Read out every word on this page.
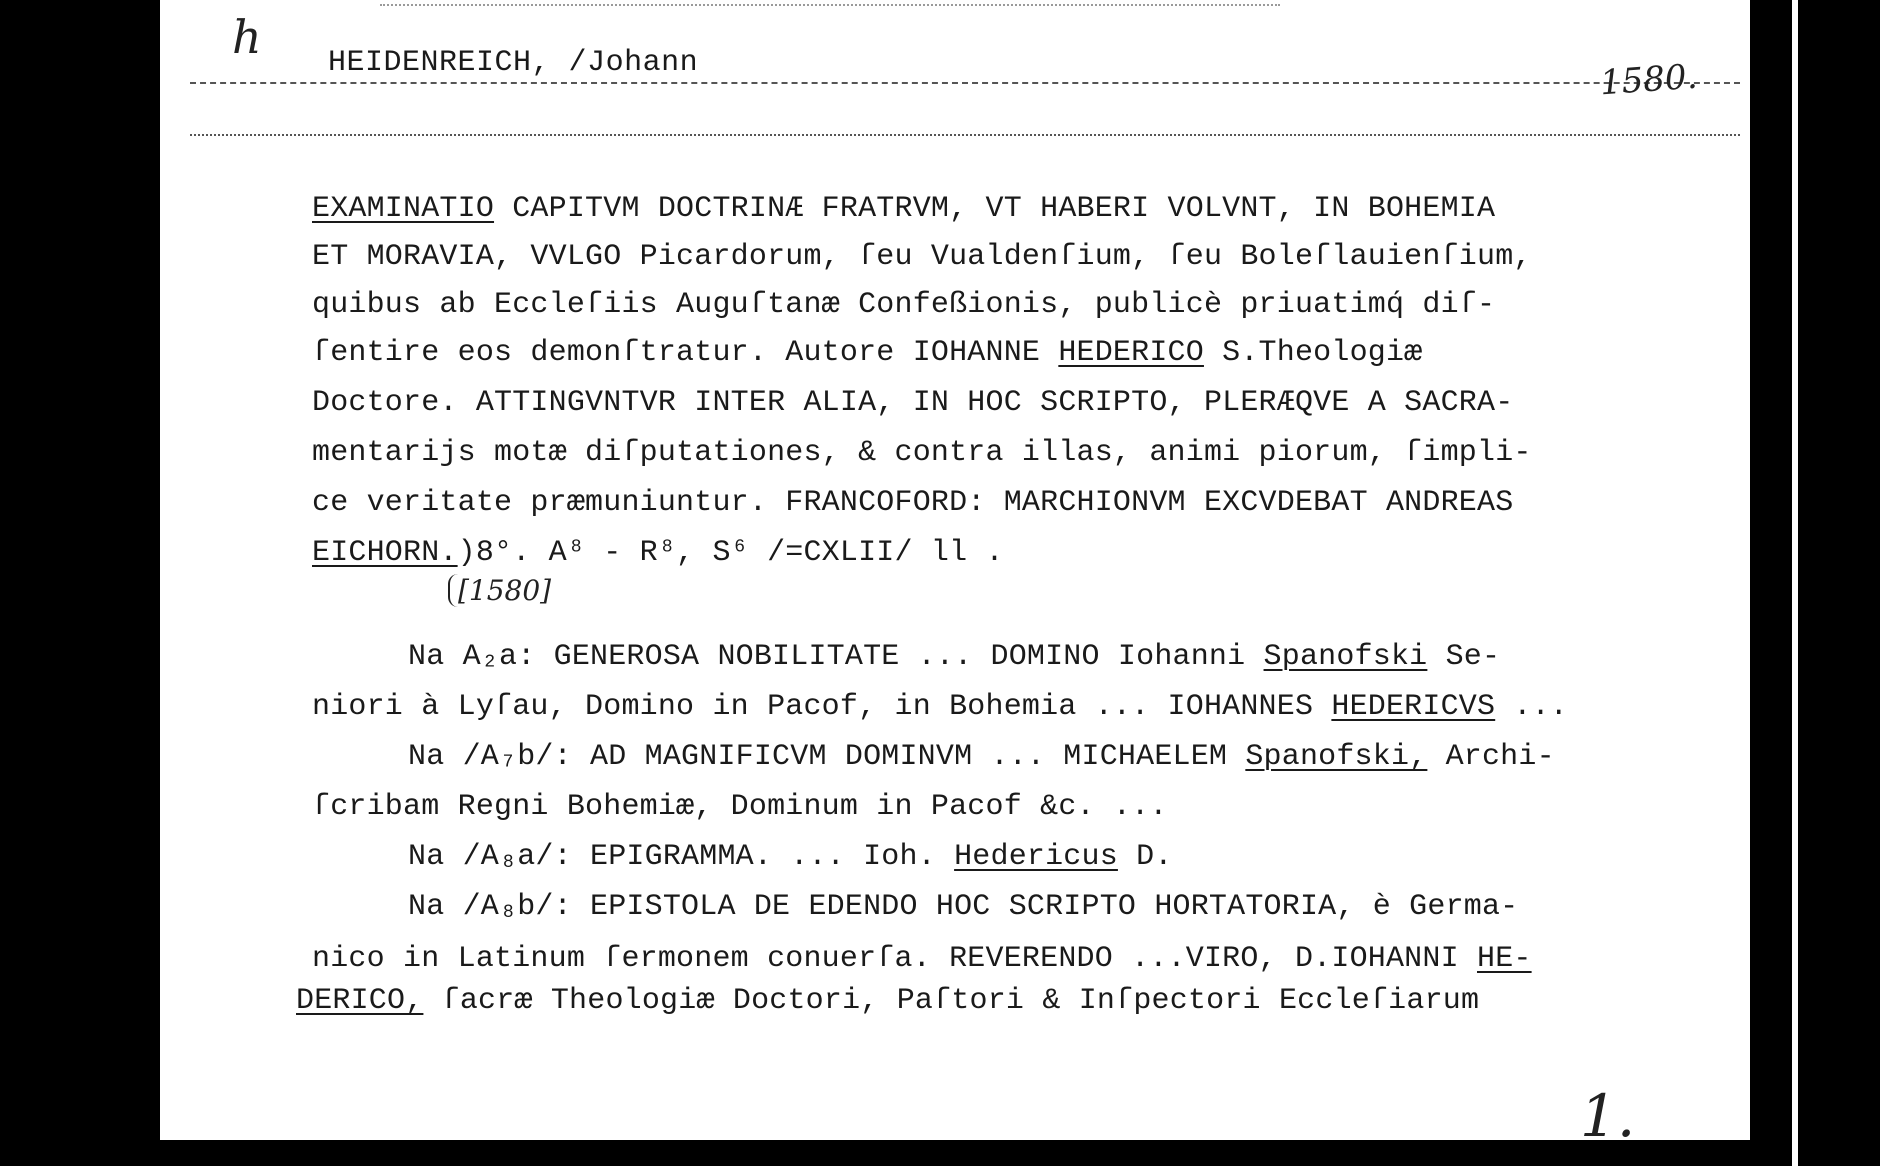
h
1580.
1.
HEIDENREICH, /Johann
EXAMINATIO CAPITVM DOCTRINÆ FRATRVM, VT HABERI VOLVNT, IN BOHEMIA
ET MORAVIA, VVLGO Picardorum, ſeu Vualdenſium, ſeu Boleſlauienſium,
quibus ab Eccleſiis Auguſtanæ Confeßionis, publicè priuatimq́ diſ-
ſentire eos demonſtratur. Autore IOHANNE HEDERICO S.Theologiæ
Doctore. ATTINGVNTVR INTER ALIA, IN HOC SCRIPTO, PLERÆQVE A SACRA-
mentarijs motæ diſputationes, & contra illas, animi piorum, ſimpli-
ce veritate præmuniuntur. FRANCOFORD: MARCHIONVM EXCVDEBAT ANDREAS
EICHORN.)8°. A⁸ - R⁸, S⁶ /=CXLII/ ll .
[1580]
Na A₂a: GENEROSA NOBILITATE ... DOMINO Iohanni Spanofski Se-
niori à Lyſau, Domino in Pacof, in Bohemia ... IOHANNES HEDERICVS ...
Na /A₇b/: AD MAGNIFICVM DOMINVM ... MICHAELEM Spanofski, Archi-
ſcribam Regni Bohemiæ, Dominum in Pacof &c. ...
Na /A₈a/: EPIGRAMMA. ... Ioh. Hedericus D.
Na /A₈b/: EPISTOLA DE EDENDO HOC SCRIPTO HORTATORIA, è Germa-
nico in Latinum ſermonem conuerſa. REVERENDO ...VIRO, D.IOHANNI HE-
DERICO, ſacræ Theologiæ Doctori, Paſtori & Inſpectori Eccleſiarum
